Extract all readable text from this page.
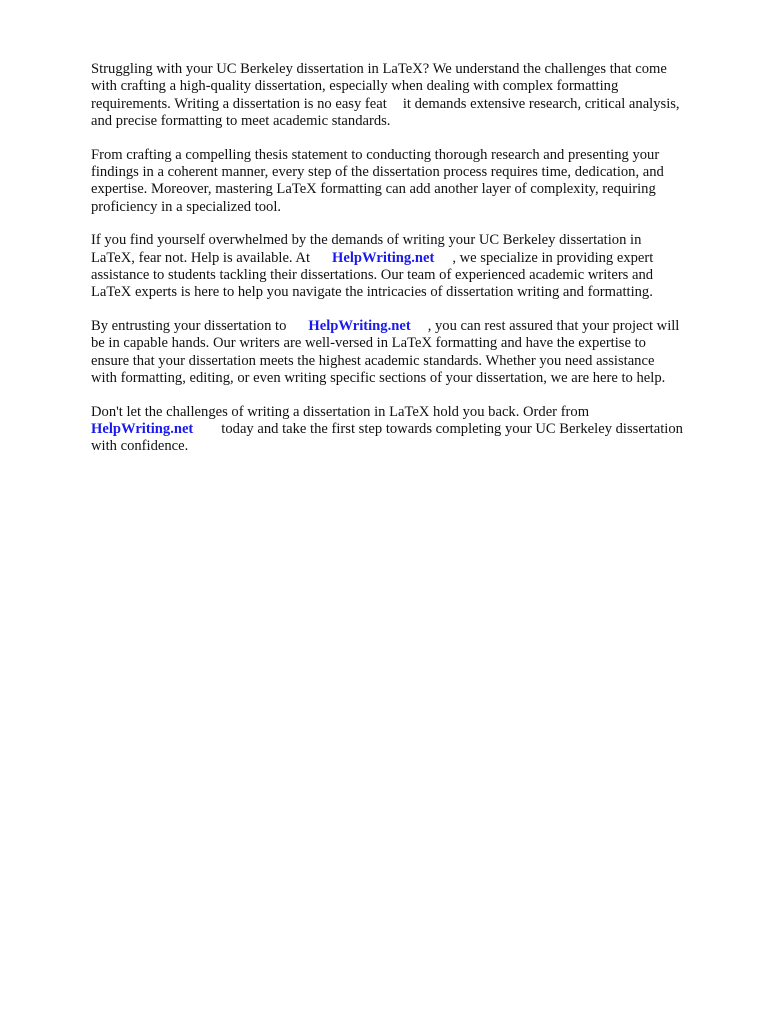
Struggling with your UC Berkeley dissertation in LaTeX? We understand the challenges that come
with crafting a high-quality dissertation, especially when dealing with complex formatting
requirements. Writing a dissertation is no easy feat it demands extensive research, critical analysis,
and precise formatting to meet academic standards.

From crafting a compelling thesis statement to conducting thorough research and presenting your
findings in a coherent manner, every step of the dissertation process requires time, dedication, and
expertise. Moreover, mastering LaTeX formatting can add another layer of complexity, requiring
proficiency in a specialized tool.

If you find yourself overwhelmed by the demands of writing your UC Berkeley dissertation in
LaTeX, fear not. Help is available. At HelpWriting.net , we specialize in providing expert
assistance to students tackling their dissertations. Our team of experienced academic writers and
LaTeX experts is here to help you navigate the intricacies of dissertation writing and formatting.

By entrusting your dissertation to HelpWriting.net , you can rest assured that your project will
be in capable hands. Our writers are well-versed in LaTeX formatting and have the expertise to
ensure that your dissertation meets the highest academic standards. Whether you need assistance
with formatting, editing, or even writing specific sections of your dissertation, we are here to help.

Don't let the challenges of writing a dissertation in LaTeX hold you back. Order from
HelpWriting.net today and take the first step towards completing your UC Berkeley dissertation
with confidence.
